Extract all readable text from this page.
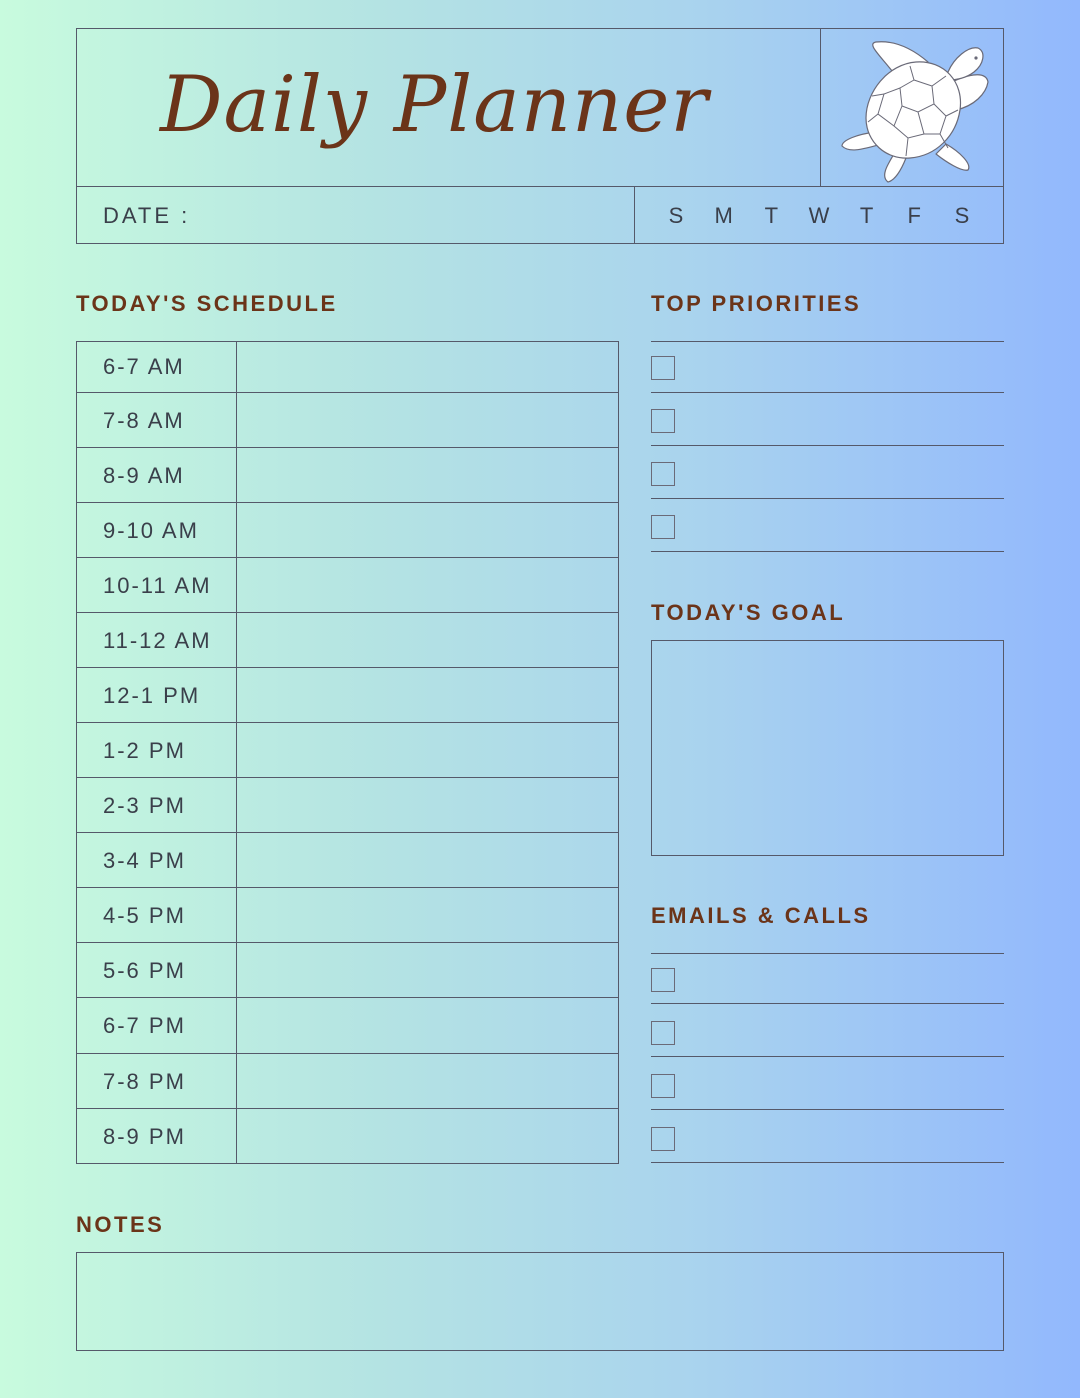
Daily Planner
DATE :	S M T W T F S
TODAY'S SCHEDULE	TOP PRIORITIES
TODAY'S GOAL
EMAILS & CALLS
NOTES
6-7 AM
7-8 AM
8-9 AM
9-10 AM
10-11 AM
11-12 AM
12-1 PM
1-2 PM
2-3 PM
3-4 PM
4-5 PM
5-6 PM
6-7 PM
7-8 PM
8-9 PM
